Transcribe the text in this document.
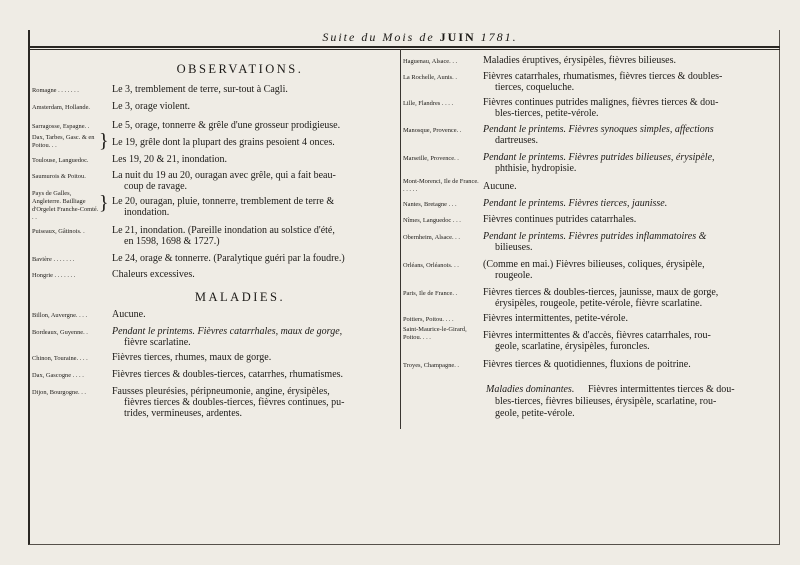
Suite du Mois de JUIN 1781.
OBSERVATIONS.
Romagne . . . . . . .	Le 3, tremblement de terre, sur-tout à Cagli.
Amsterdam, Hollande. Le 3, orage violent.
Sarragosse, Espagne. . Le 5, orage, tonnerre & grêle d'une grosseur prodigieuse.
Dax, Tarbes, Gasc. & en Poitou. . .	} Le 19, grêle dont la plupart des grains pesoient 4 onces.
Toulouse, Languedoc. Les 19, 20 & 21, inondation.
Saumurois & Poitou.	La nuit du 19 au 20, ouragan avec grêle, qui a fait beau-
coup de ravage.
Pays de Galles, Angleterre. Bailliage d'Orgelet Franche-Comté. . .
} Le 20, ouragan, pluie, tonnerre, tremblement de terre &
inondation.
Puiseaux, Gâtinois. .	Le 21, inondation. (Pareille inondation au solstice d'été,
en 1598, 1698 & 1727.)
Bavière . . . . . . .	Le 24, orage & tonnerre. (Paralytique guéri par la foudre.)
Hongrie . . . . . . .	Chaleurs excessives.
MALADIES.
Billon, Auvergne. . . . Aucune.
Bordeaux, Guyenne. . Pendant le printems. Fièvres catarrhales, maux de gorge,
fièvre scarlatine.
Chinon, Touraine. . . . Fièvres tierces, rhumes, maux de gorge.
Dax, Gascogne . . . .	Fièvres tierces & doubles-tierces, catarrhes, rhumatismes.
Dijon, Bourgogne. . .	Fausses pleurésies, péripneumonie, angine, érysipèles,
fièvres tierces & doubles-tierces, fièvres continues, pu-
trides, vermineuses, ardentes.
Haguenau, Alsace. . .	Maladies éruptives, érysipèles, fièvres bilieuses.
La Rochelle, Aunis. .	Fièvres catarrhales, rhumatismes, fièvres tierces & doubles-
tierces, coqueluche.
Lille, Flandres . . . .	Fièvres continues putrides malignes, fièvres tierces & dou-
bles-tierces, petite-vérole.
Manosque, Provence. . Pendant le printems. Fièvres synoques simples, affections
dartreuses.
Marseille, Provence. . Pendant le printems. Fièvres putrides bilieuses, érysipèle,
phthisie, hydropisie.
Mont-Morenci, Ile de France. . . . . .	Aucune.
Nantes, Bretagne . . .	Pendant le printems. Fièvres tierces, jaunisse.
Nîmes, Languedoc . . . Fièvres continues putrides catarrhales.
Obernheim, Alsace. . . Pendant le printems. Fièvres putrides inflammatoires &
bilieuses.
Orléans, Orléanois. . . (Comme en mai.) Fièvres bilieuses, coliques, érysipèle,
rougeole.
Paris, Ile de France. .	Fièvres tierces & doubles-tierces, jaunisse, maux de gorge,
érysipèles, rougeole, petite-vérole, fièvre scarlatine.
Poitiers, Poitou. . . .	Fièvres intermittentes, petite-vérole.
Saint-Maurice-le-Girard, Poitou. . . .	Fièvres intermittentes & d'accès, fièvres catarrhales, rou-
geole, scarlatine, érysipèles, furoncles.
Troyes, Champagne. . Fièvres tierces & quotidiennes, fluxions de poitrine.
Maladies dominantes. Fièvres intermittentes tierces & dou-
bles-tierces, fièvres bilieuses, érysipèle, scarlatine, rou-
geole, petite-vérole.
